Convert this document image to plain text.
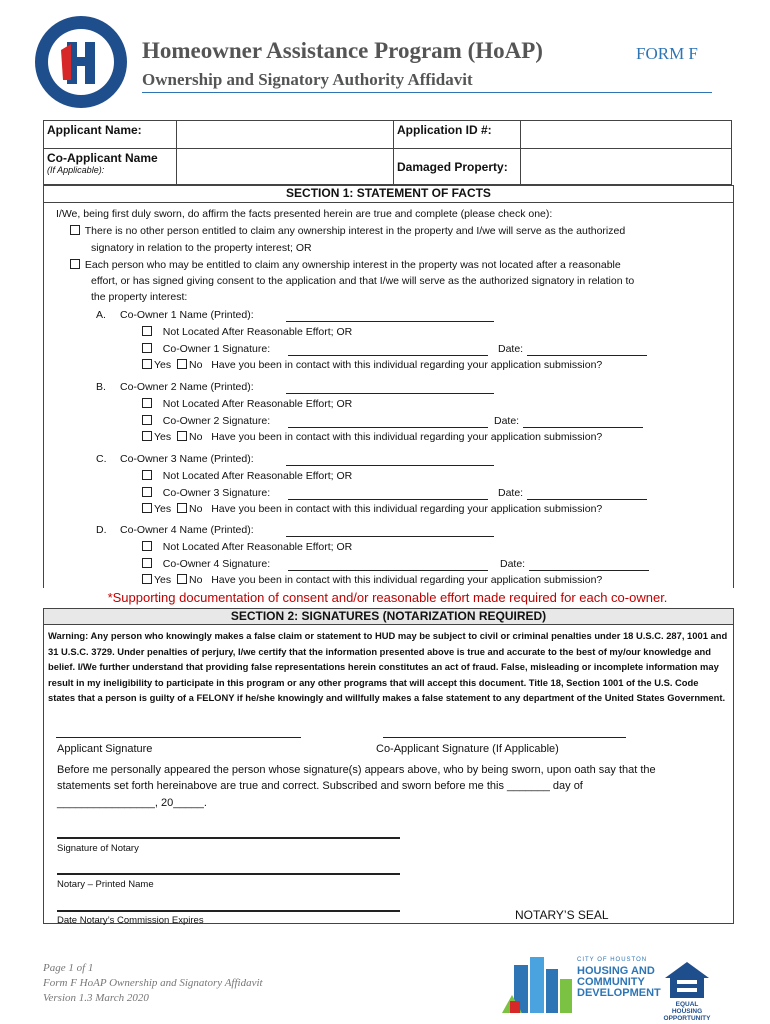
Homeowner Assistance Program (HoAP)	FORM F
Ownership and Signatory Authority Affidavit
Applicant Name:		Application ID #:	

Co-Applicant Name
(If Applicable):		Damaged Property:	
SECTION 1: STATEMENT OF FACTS
I/We, being first duly sworn, do affirm the facts presented herein are true and complete (please check one):
There is no other person entitled to claim any ownership interest in the property and I/we will serve as the authorized
signatory in relation to the property interest; OR
Each person who may be entitled to claim any ownership interest in the property was not located after a reasonable
effort, or has signed giving consent to the application and that I/we will serve as the authorized signatory in relation to
the property interest:
A. Co-Owner 1 Name (Printed):
Not Located After Reasonable Effort; OR
Co-Owner 1 Signature:	Date:
Yes No Have you been in contact with this individual regarding your application submission?
B. Co-Owner 2 Name (Printed):
Not Located After Reasonable Effort; OR
Co-Owner 2 Signature:	Date:
Yes No Have you been in contact with this individual regarding your application submission?
C. Co-Owner 3 Name (Printed):
Not Located After Reasonable Effort; OR
Co-Owner 3 Signature:	Date:
Yes No Have you been in contact with this individual regarding your application submission?
D. Co-Owner 4 Name (Printed):
Not Located After Reasonable Effort; OR
Co-Owner 4 Signature:	Date:
Yes No Have you been in contact with this individual regarding your application submission?
*Supporting documentation of consent and/or reasonable effort made required for each co-owner.
SECTION 2: SIGNATURES (NOTARIZATION REQUIRED)
Warning: Any person who knowingly makes a false claim or statement to HUD may be subject to civil or criminal penalties under 18 U.S.C. 287, 1001 and 31 U.S.C. 3729. Under penalties of perjury, I/we certify that the information presented above is true and accurate to the best of my/our knowledge and belief. I/We further understand that providing false representations herein constitutes an act of fraud. False, misleading or incomplete information may result in my ineligibility to participate in this program or any other programs that will accept this document. Title 18, Section 1001 of the U.S. Code states that a person is guilty of a FELONY if he/she knowingly and willfully makes a false statement to any department of the United States Government.
Applicant Signature	Co-Applicant Signature (If Applicable)
Before me personally appeared the person whose signature(s) appears above, who by being sworn, upon oath say that the
statements set forth hereinabove are true and correct. Subscribed and sworn before me this _______ day of
________________, 20_____.
Signature of Notary
Notary – Printed Name
Date Notary’s Commission Expires	NOTARY’S SEAL
Page 1 of 1
Form F HoAP Ownership and Signatory Affidavit
Version 1.3 March 2020
CITY OF HOUSTON
HOUSING AND
COMMUNITY
DEVELOPMENT
EQUAL HOUSING
OPPORTUNITY
